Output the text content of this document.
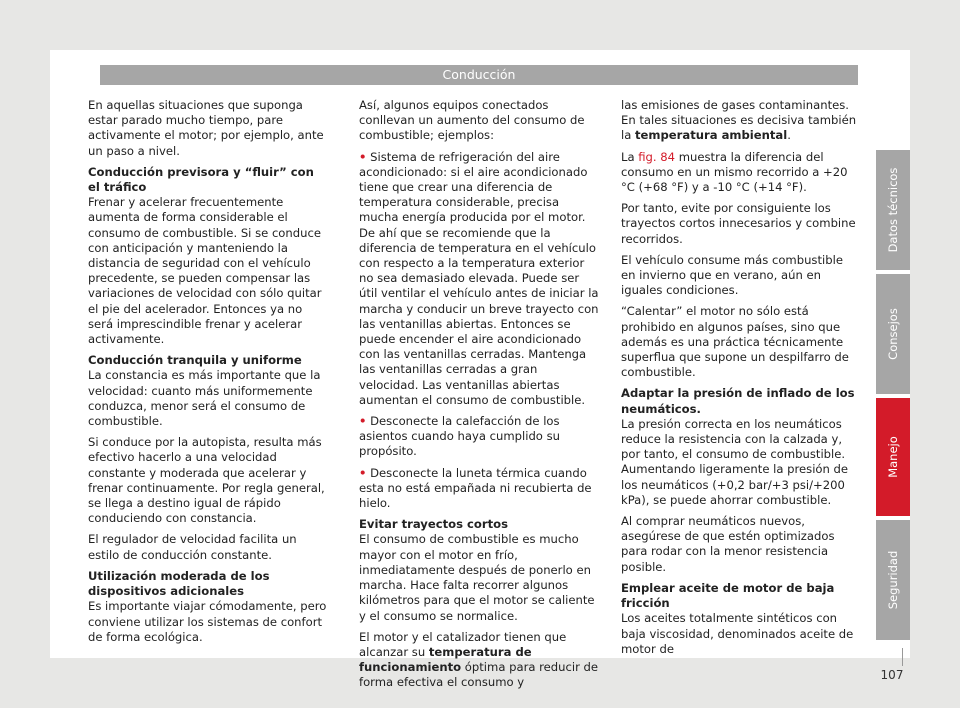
Conducción

En aquellas situaciones que suponga estar parado mucho tiempo, pare activamente el motor; por ejemplo, ante un paso a nivel.

Conducción previsora y “fluir” con el tráfico

Frenar y acelerar frecuentemente aumenta de forma considerable el consumo de combustible. Si se conduce con anticipación y manteniendo la distancia de seguridad con el vehículo precedente, se pueden compensar las variaciones de velocidad con sólo quitar el pie del acelerador. Entonces ya no será imprescindible frenar y acelerar activamente.

Conducción tranquila y uniforme

La constancia es más importante que la velocidad: cuanto más uniformemente conduzca, menor será el consumo de combustible.

Si conduce por la autopista, resulta más efectivo hacerlo a una velocidad constante y moderada que acelerar y frenar continuamente. Por regla general, se llega a destino igual de rápido conduciendo con constancia.

El regulador de velocidad facilita un estilo de conducción constante.

Utilización moderada de los dispositivos adicionales

Es importante viajar cómodamente, pero conviene utilizar los sistemas de confort de forma ecológica.

Así, algunos equipos conectados conllevan un aumento del consumo de combustible; ejemplos:

• Sistema de refrigeración del aire acondicionado: si el aire acondicionado tiene que crear una diferencia de temperatura considerable, precisa mucha energía producida por el motor. De ahí que se recomiende que la diferencia de temperatura en el vehículo con respecto a la temperatura exterior no sea demasiado elevada. Puede ser útil ventilar el vehículo antes de iniciar la marcha y conducir un breve trayecto con las ventanillas abiertas. Entonces se puede encender el aire acondicionado con las ventanillas cerradas. Mantenga las ventanillas cerradas a gran velocidad. Las ventanillas abiertas aumentan el consumo de combustible.

• Desconecte la calefacción de los asientos cuando haya cumplido su propósito.

• Desconecte la luneta térmica cuando esta no está empañada ni recubierta de hielo.

Evitar trayectos cortos

El consumo de combustible es mucho mayor con el motor en frío, inmediatamente después de ponerlo en marcha. Hace falta recorrer algunos kilómetros para que el motor se caliente y el consumo se normalice.

El motor y el catalizador tienen que alcanzar su temperatura de funcionamiento óptima para reducir de forma efectiva el consumo y

las emisiones de gases contaminantes. En tales situaciones es decisiva también la temperatura ambiental.

La fig. 84 muestra la diferencia del consumo en un mismo recorrido a +20 °C (+68 °F) y a -10 °C (+14 °F).

Por tanto, evite por consiguiente los trayectos cortos innecesarios y combine recorridos.

El vehículo consume más combustible en invierno que en verano, aún en iguales condiciones.

“Calentar” el motor no sólo está prohibido en algunos países, sino que además es una práctica técnicamente superflua que supone un despilfarro de combustible.

Adaptar la presión de inflado de los neumáticos.

La presión correcta en los neumáticos reduce la resistencia con la calzada y, por tanto, el consumo de combustible. Aumentando ligeramente la presión de los neumáticos (+0,2 bar/+3 psi/+200 kPa), se puede ahorrar combustible.

Al comprar neumáticos nuevos, asegúrese de que estén optimizados para rodar con la menor resistencia posible.

Emplear aceite de motor de baja fricción

Los aceites totalmente sintéticos con baja viscosidad, denominados aceite de motor de

Datos técnicos
Consejos
Manejo
Seguridad
107
